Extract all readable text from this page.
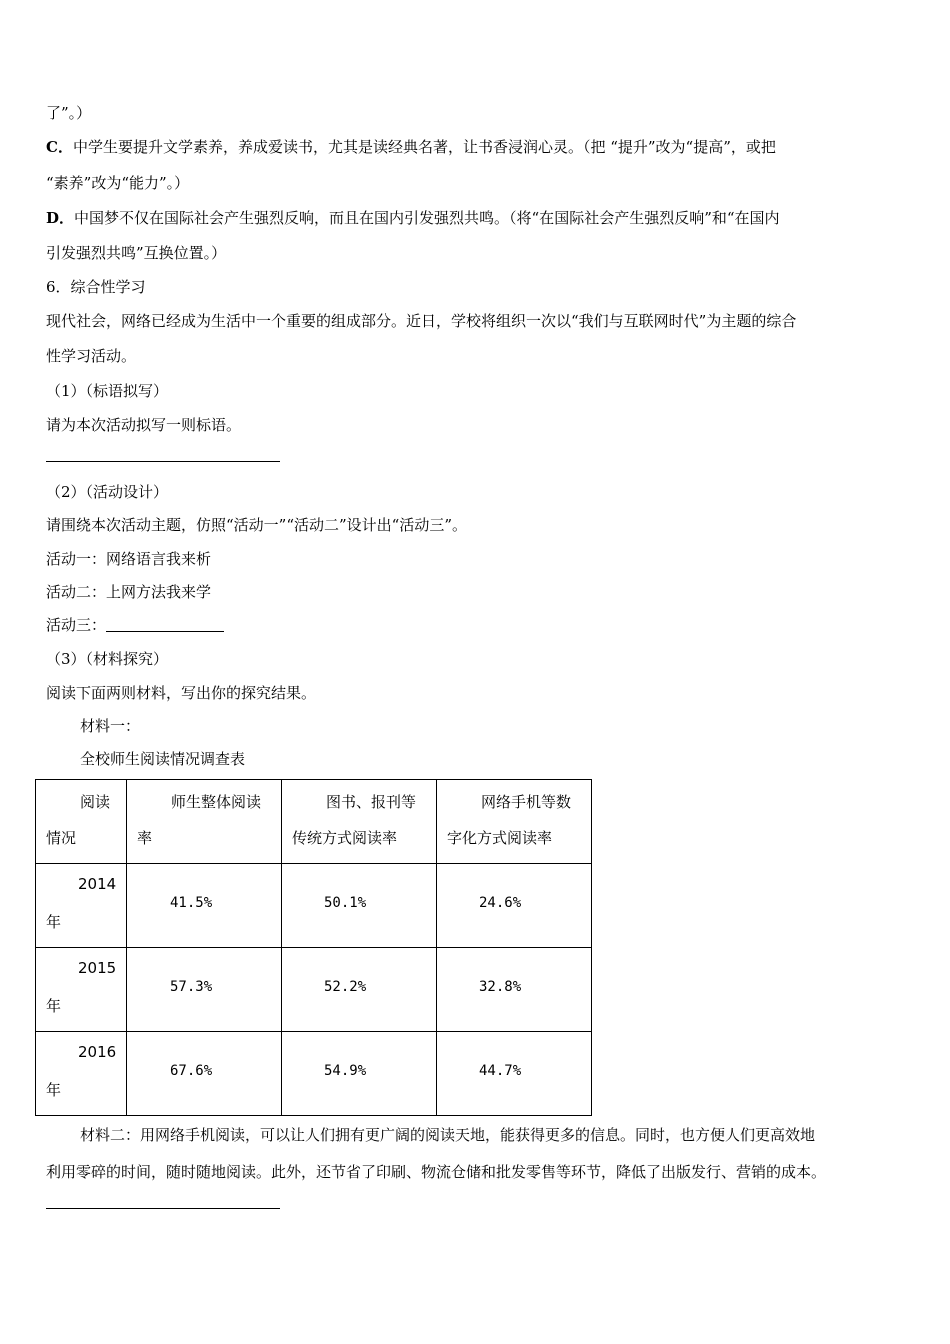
了”。）
C．中学生要提升文学素养，养成爱读书，尤其是读经典名著，让书香浸润心灵。（把 “提升”改为“提高”，或把
“素养”改为“能力”。）
D．中国梦不仅在国际社会产生强烈反响，而且在国内引发强烈共鸣。（将“在国际社会产生强烈反响”和“在国内
引发强烈共鸣”互换位置。）
6．综合性学习
现代社会，网络已经成为生活中一个重要的组成部分。近日，学校将组织一次以“我们与互联网时代”为主题的综合
性学习活动。
（1）（标语拟写）
请为本次活动拟写一则标语。
（2）（活动设计）
请围绕本次活动主题，仿照“活动一”“活动二”设计出“活动三”。
活动一：网络语言我来析
活动二：上网方法我来学
活动三：
（3）（材料探究）
阅读下面两则材料，写出你的探究结果。
材料一：
全校师生阅读情况调查表
阅读
情况	师生整体阅读
率	图书、报刊等
传统方式阅读率	网络手机等数
字化方式阅读率

2014
年	41.5%	50.1%	24.6%

2015
年	57.3%	52.2%	32.8%

2016
年	67.6%	54.9%	44.7%
材料二：用网络手机阅读，可以让人们拥有更广阔的阅读天地，能获得更多的信息。同时，也方便人们更高效地
利用零碎的时间，随时随地阅读。此外，还节省了印刷、物流仓储和批发零售等环节，降低了出版发行、营销的成本。
